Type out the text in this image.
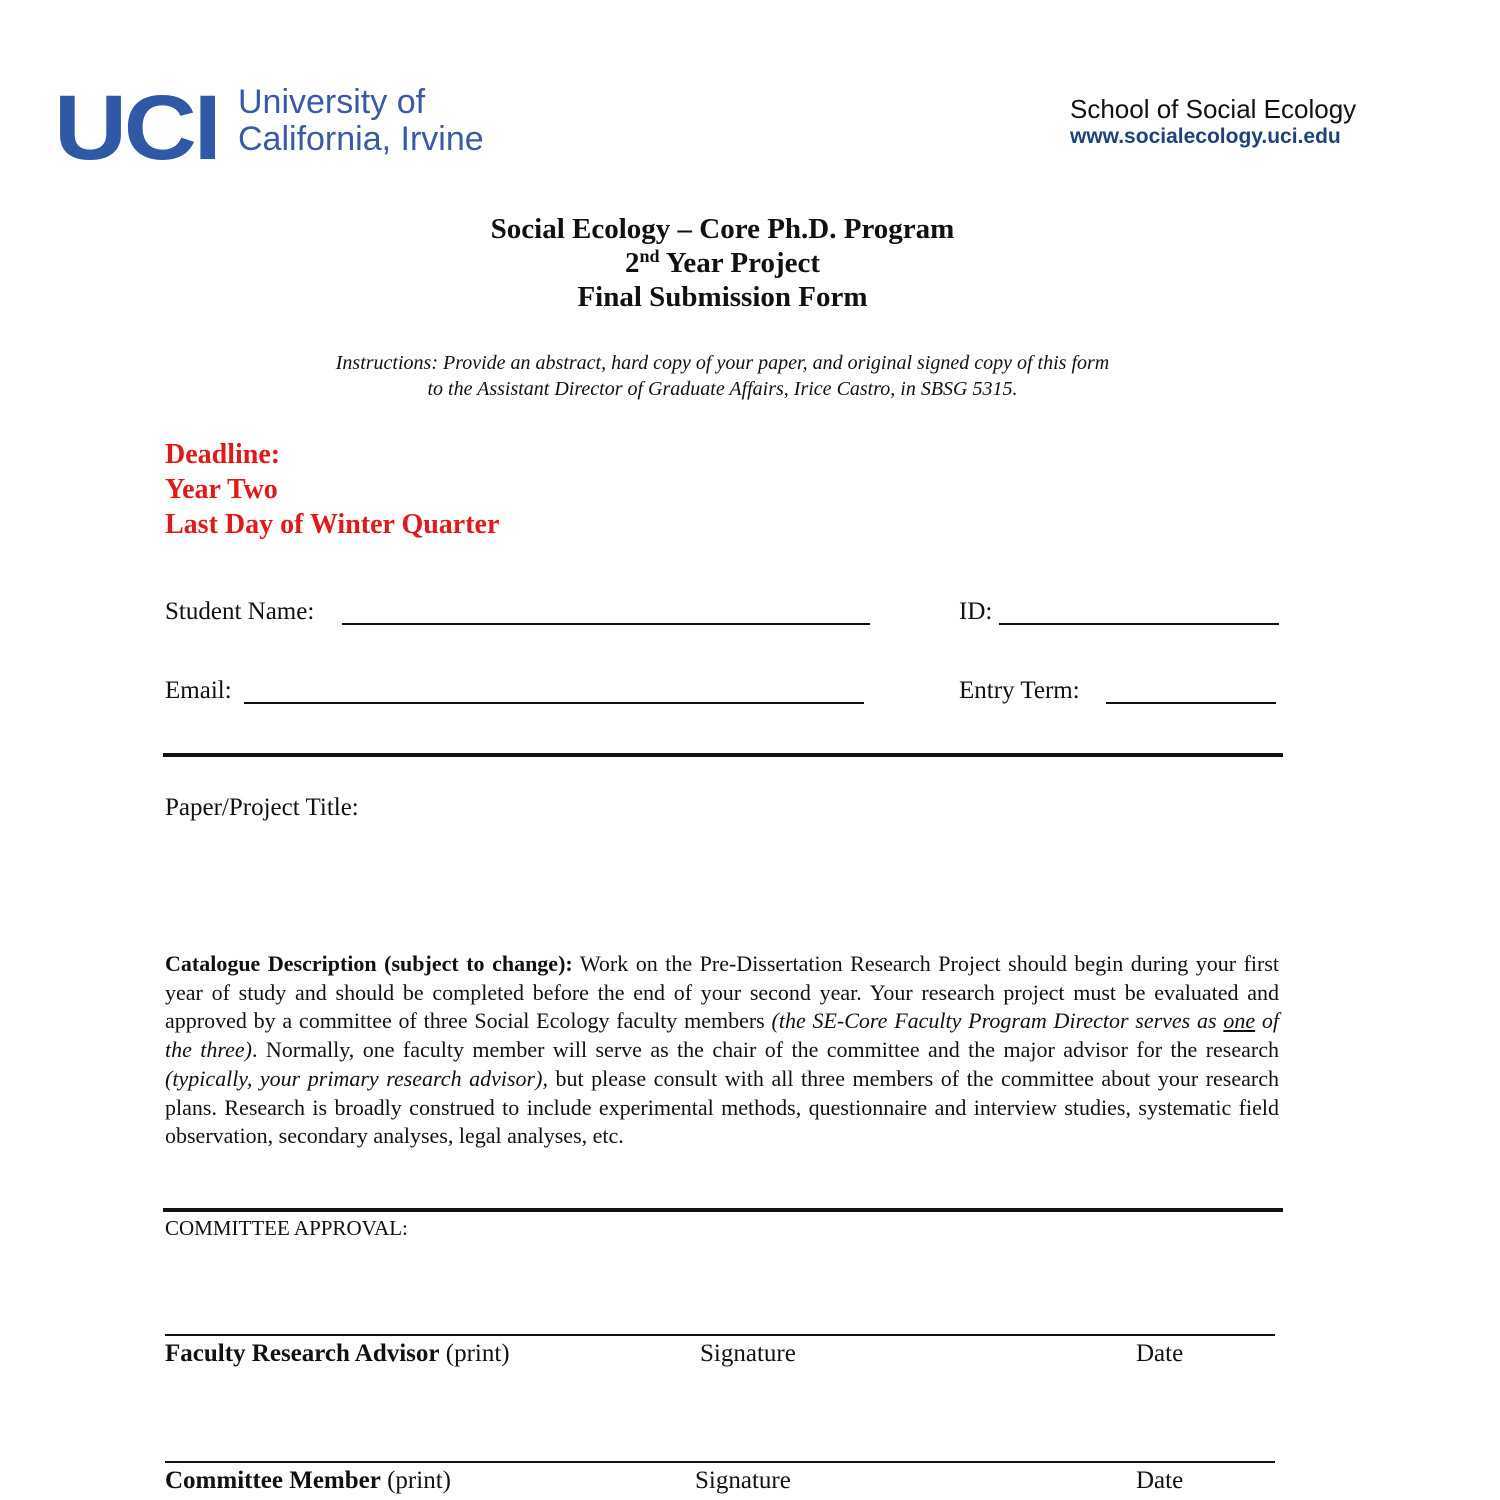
UCI University of
California, Irvine
School of Social Ecology
www.socialecology.uci.edu
Social Ecology – Core Ph.D. Program
2nd Year Project
Final Submission Form
Instructions: Provide an abstract, hard copy of your paper, and original signed copy of this form
to the Assistant Director of Graduate Affairs, Irice Castro, in SBSG 5315.
Deadline:
Year Two
Last Day of Winter Quarter
Student Name:	ID:
Email:	Entry Term:
Paper/Project Title:
Catalogue Description (subject to change): Work on the Pre-Dissertation Research Project should begin during your first year of study and should be completed before the end of your second year. Your research project must be evaluated and approved by a committee of three Social Ecology faculty members (the SE-Core Faculty Program Director serves as one of the three). Normally, one faculty member will serve as the chair of the committee and the major advisor for the research (typically, your primary research advisor), but please consult with all three members of the committee about your research plans. Research is broadly construed to include experimental methods, questionnaire and interview studies, systematic field observation, secondary analyses, legal analyses, etc.
COMMITTEE APPROVAL:
Faculty Research Advisor (print)	Signature	Date
Committee Member (print)	Signature	Date
